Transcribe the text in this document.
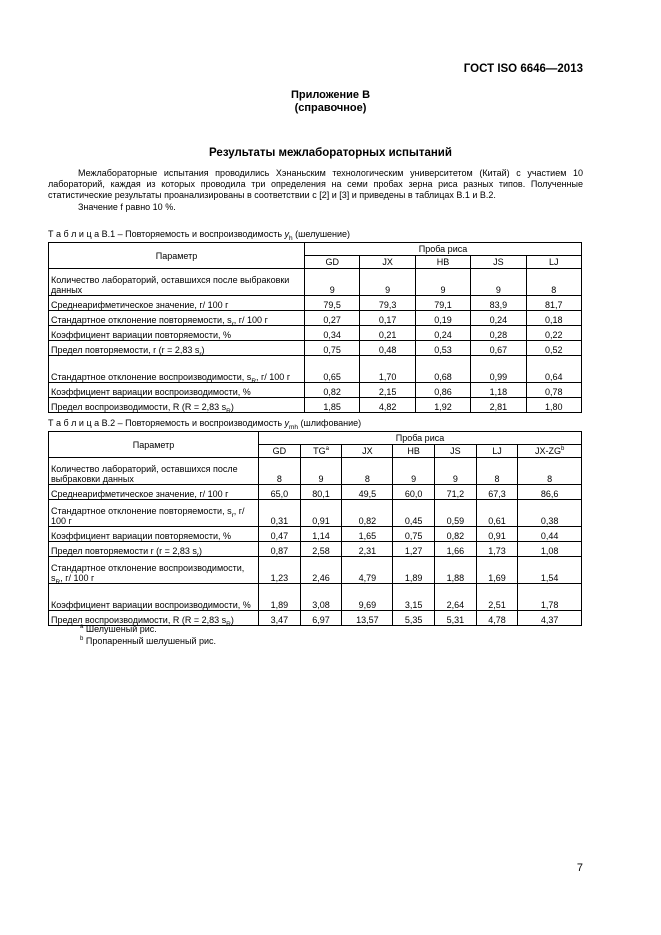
ГОСТ ISO 6646—2013
Приложение В
(справочное)
Результаты межлабораторных испытаний

Межлабораторные испытания проводились Хэнаньским технологическим университетом (Китай) с участием 10 лабораторий, каждая из которых проводила три определения на семи пробах зерна риса разных типов. Полученные статистические результаты проанализированы в соответствии с [2] и [3] и приведены в таблицах В.1 и В.2.

Значение f равно 10 %.

Т а б л и ц а В.1 – Повторяемость и воспроизводимость $y_h$ (шелушение)
Параметр	Проба риса				
	GD	JX	HB	JS	LJ
Количество лабораторий, оставшихся после выбраковки данных	9	9	9	9	8
Среднеарифметическое значение, г/ 100 г	79,5	79,3	79,1	83,9	81,7
Стандартное отклонение повторяемости, $s_r$, г/ 100 г	0,27	0,17	0,19	0,24	0,18
Коэффициент вариации повторяемости, %	0,34	0,21	0,24	0,28	0,22
Предел повторяемости, r (r = 2,83 $s_r$)	0,75	0,48	0,53	0,67	0,52
Стандартное отклонение воспроизводимости, $s_R$, г/ 100 г	0,65	1,70	0,68	0,99	0,64
Коэффициент вариации воспроизводимости, %	0,82	2,15	0,86	1,18	0,78
Предел воспроизводимости, R (R = 2,83 $s_R$)	1,85	4,82	1,92	2,81	1,80
Т а б л и ц а В.2 – Повторяемость и воспроизводимость $y_{mh}$ (шлифование)
Параметр	Проба риса						
	GD	$TG^a$	JX	HB	JS	LJ	$JX-ZG^b$
Количество лабораторий, оставшихся после выбраковки данных	8	9	8	9	9	8	8
Среднеарифметическое значение, г/ 100 г	65,0	80,1	49,5	60,0	71,2	67,3	86,6
Стандартное отклонение повторяемости, $s_r$, г/ 100 г	0,31	0,91	0,82	0,45	0,59	0,61	0,38
Коэффициент вариации повторяемости, %	0,47	1,14	1,65	0,75	0,82	0,91	0,44
Предел повторяемости r (r = 2,83 $s_r$)	0,87	2,58	2,31	1,27	1,66	1,73	1,08
Стандартное отклонение воспроизводимости, $s_R$, г/ 100 г	1,23	2,46	4,79	1,89	1,88	1,69	1,54
Коэффициент вариации воспроизводимости, %	1,89	3,08	9,69	3,15	2,64	2,51	1,78
Предел воспроизводимости, R (R = 2,83 $s_R$)	3,47	6,97	13,57	5,35	5,31	4,78	4,37
$^a$ Шелушеный рис.
$^b$ Пропаренный шелушеный рис.
7
